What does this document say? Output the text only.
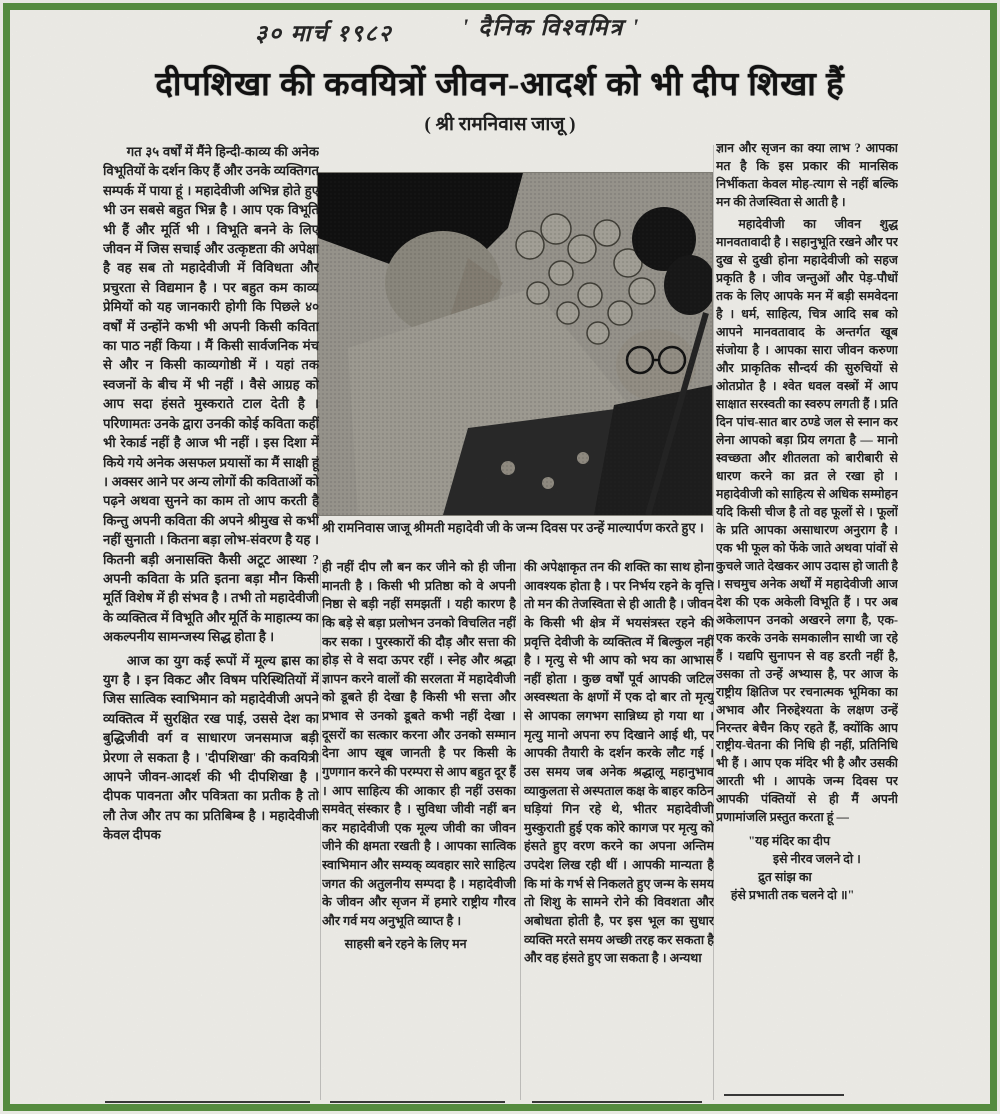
३० मार्च १९८२	' दैनिक विश्वमित्र '
दीपशिखा की कवयित्रों जीवन-आदर्श को भी दीप शिखा हैं
( श्री रामनिवास जाजू )
श्री रामनिवास जाजू श्रीमती महादेवी जी के जन्म दिवस पर उन्हें माल्यार्पण करते हुए ।

गत ३५ वर्षों में मैंने हिन्दी-काव्य की अनेक विभूतियों के दर्शन किए हैं और उनके व्यक्तिगत सम्पर्क में पाया हूं । महादेवीजी अभिन्न होते हुए भी उन सबसे बहुत भिन्न है । आप एक विभूति भी हैं और मूर्ति भी । विभूति बनने के लिए जीवन में जिस सचाई और उत्कृष्टता की अपेक्षा है वह सब तो महादेवीजी में विविधता और प्रचुरता से विद्यमान है । पर बहुत कम काव्य प्रेमियों को यह जानकारी होगी कि पिछले ४० वर्षों में उन्होंने कभी भी अपनी किसी कविता का पाठ नहीं किया । मैं किसी सार्वजनिक मंच से और न किसी काव्यगोष्ठी में । यहां तक स्वजनों के बीच में भी नहीं । वैसे आग्रह को आप सदा हंसते मुस्कराते टाल देती है । परिणामतः उनके द्वारा उनकी कोई कविता कहीं भी रेकार्ड नहीं है आज भी नहीं । इस दिशा में किये गये अनेक असफल प्रयासों का मैं साक्षी हूं । अक्सर आने पर अन्य लोगों की कविताओं को पढ़ने अथवा सुनने का काम तो आप करती है किन्तु अपनी कविता की अपने श्रीमुख से कभी नहीं सुनाती । कितना बड़ा लोभ-संवरण है यह । कितनी बड़ी अनासक्ति कैसी अटूट आस्था ? अपनी कविता के प्रति इतना बड़ा मौन किसी मूर्ति विशेष में ही संभव है । तभी तो महादेवीजी के व्यक्तित्व में विभूति और मूर्ति के माहात्म्य का अकल्पनीय सामन्जस्य सिद्ध होता है ।

आज का युग कई रूपों में मूल्य ह्रास का युग है । इन विकट और विषम परिस्थितियों में जिस सात्विक स्वाभिमान को महादेवीजी अपने व्यक्तित्व में सुरक्षित रख पाई, उससे देश का बुद्धिजीवी वर्ग व साधारण जनसमाज बड़ी प्रेरणा ले सकता है । 'दीपशिखा' की कवयित्री आपने जीवन-आदर्श की भी दीपशिखा है । दीपक पावनता और पवित्रता का प्रतीक है तो लौ तेज और तप का प्रतिबिम्ब है । महादेवीजी केवल दीपक

ही नहीं दीप लौ बन कर जीने को ही जीना मानती है । किसी भी प्रतिष्ठा को वे अपनी निष्ठा से बड़ी नहीं समझतीं । यही कारण है कि बड़े से बड़ा प्रलोभन उनको विचलित नहीं कर सका । पुरस्कारों की दौड़ और सत्ता की होड़ से वे सदा ऊपर रहीं । स्नेह और श्रद्धा ज्ञापन करने वालों की सरलता में महादेवीजी को डूबते ही देखा है किसी भी सत्ता और प्रभाव से उनको डूबते कभी नहीं देखा । दूसरों का सत्कार करना और उनको सम्मान देना आप खूब जानती है पर किसी के गुणगान करने की परम्परा से आप बहुत दूर हैं । आप साहित्य की आकार ही नहीं उसका समवेत् संस्कार है । सुविधा जीवी नहीं बन कर महादेवीजी एक मूल्य जीवी का जीवन जीने की क्षमता रखती है । आपका सात्विक स्वाभिमान और सम्यक् व्यवहार सारे साहित्य जगत की अतुलनीय सम्पदा है । महादेवीजी के जीवन और सृजन में हमारे राष्ट्रीय गौरव और गर्व मय अनुभूति व्याप्त है ।

साहसी बने रहने के लिए मन

की अपेक्षाकृत तन की शक्ति का साथ होना आवश्यक होता है । पर निर्भय रहने के वृत्ति तो मन की तेजस्विता से ही आती है । जीवन के किसी भी क्षेत्र में भयसंत्रस्त रहने की प्रवृत्ति देवीजी के व्यक्तित्व में बिल्कुल नहीं है । मृत्यु से भी आप को भय का आभास नहीं होता । कुछ वर्षों पूर्व आपकी जटिल अस्वस्थता के क्षणों में एक दो बार तो मृत्यु से आपका लगभग सान्निध्य हो गया था । मृत्यु मानो अपना रुप दिखाने आई थी, पर आपकी तैयारी के दर्शन करके लौट गई । उस समय जब अनेक श्रद्धालू महानुभाव व्याकुलता से अस्पताल कक्ष के बाहर कठिन घड़ियां गिन रहे थे, भीतर महादेवीजी मुस्कुराती हुई एक कोरे कागज पर मृत्यु को हंसते हुए वरण करने का अपना अन्तिम उपदेश लिख रही थीं । आपकी मान्यता है कि मां के गर्भ से निकलते हुए जन्म के समय तो शिशु के सामने रोने की विवशता और अबोधता होती है, पर इस भूल का सुधार व्यक्ति मरते समय अच्छी तरह कर सकता है और वह हंसते हुए जा सकता है । अन्यथा

ज्ञान और सृजन का क्या लाभ ? आपका मत है कि इस प्रकार की मानसिक निर्भीकता केवल मोह-त्याग से नहीं बल्कि मन की तेजस्विता से आती है ।

महादेवीजी का जीवन शुद्ध मानवतावादी है । सहानुभूति रखने और पर दुख से दुखी होना महादेवीजी को सहज प्रकृति है । जीव जन्तुओं और पेड़-पौधों तक के लिए आपके मन में बड़ी समवेदना है । धर्म, साहित्य, चित्र आदि सब को आपने मानवतावाद के अन्तर्गत खूब संजोया है । आपका सारा जीवन करुणा और प्राकृतिक सौन्दर्य की सुरुचियों से ओतप्रोत है । श्वेत धवल वस्त्रों में आप साक्षात सरस्वती का स्वरुप लगती हैं । प्रति दिन पांच-सात बार ठण्डे जल से स्नान कर लेना आपको बड़ा प्रिय लगता है — मानो स्वच्छता और शीतलता को बारीबारी से धारण करने का व्रत ले रखा हो । महादेवीजी को साहित्य से अधिक सम्मोहन यदि किसी चीज है तो वह फूलों से । फूलों के प्रति आपका असाधारण अनुराग है । एक भी फूल को फेंके जाते अथवा पांवों से कुचले जाते देखकर आप उदास हो जाती है । सचमुच अनेक अर्थों में महादेवीजी आज देश की एक अकेली विभूति हैं । पर अब अकेलापन उनको अखरने लगा है, एक-एक करके उनके समकालीन साथी जा रहे हैं । यद्यपि सुनापन से वह डरती नहीं है, उसका तो उन्हें अभ्यास है, पर आज के राष्ट्रीय क्षितिज पर रचनात्मक भूमिका का अभाव और निरुद्देश्यता के लक्षण उन्हें निरन्तर बेचैन किए रहते हैं, क्योंकि आप राष्ट्रीय-चेतना की निधि ही नहीं, प्रतिनिधि भी हैं । आप एक मंदिर भी है और उसकी आरती भी । आपके जन्म दिवस पर आपकी पंक्तियों से ही मैं अपनी प्रणामांजलि प्रस्तुत करता हूं —

"यह मंदिर का दीप
इसे नीरव जलने दो ।
द्रुत सांझ का
हंसे प्रभाती तक चलने दो ॥"
